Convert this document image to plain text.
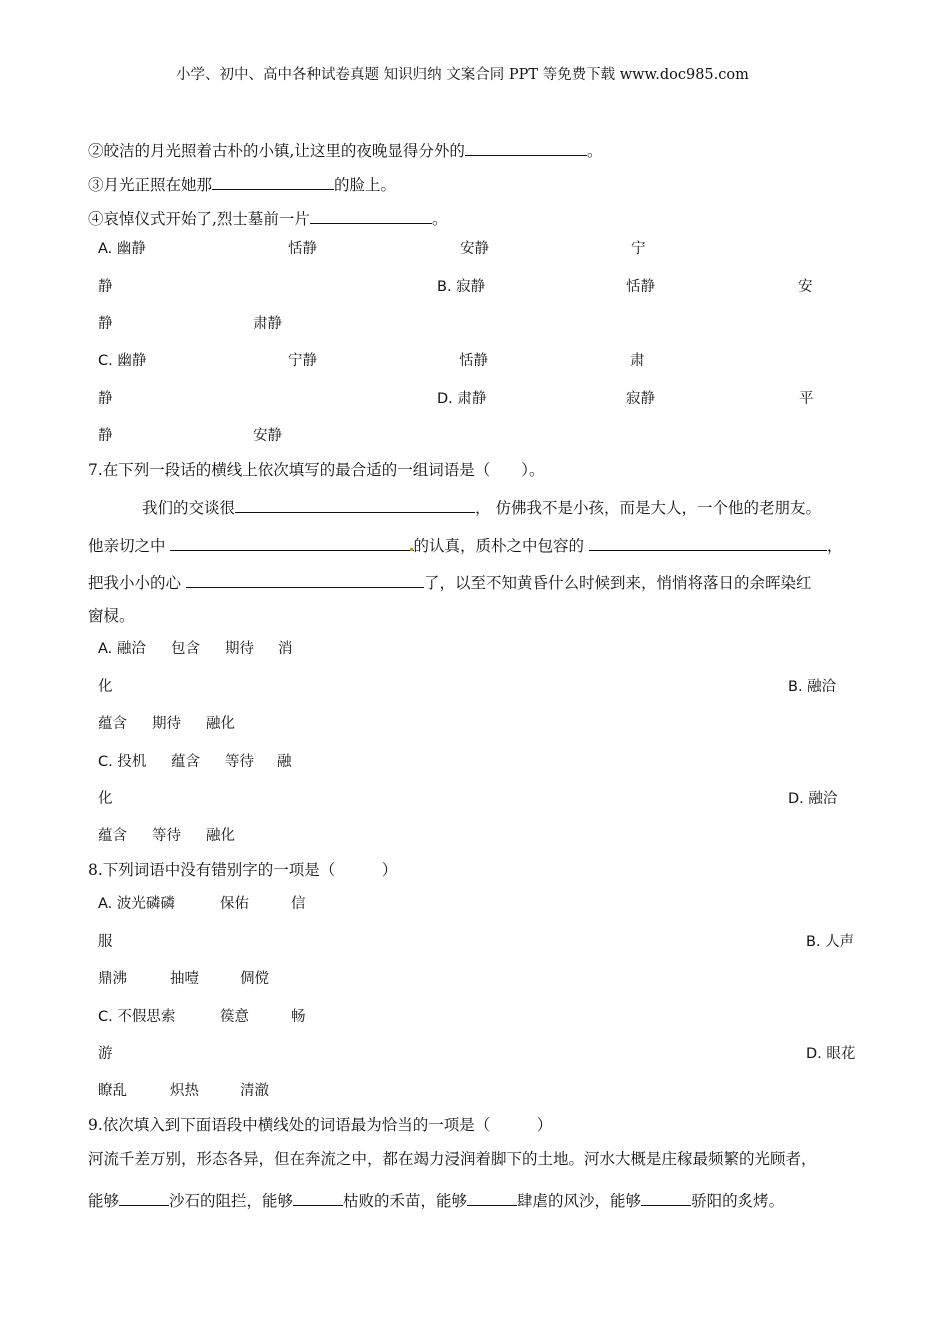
小学、初中、高中各种试卷真题 知识归纳 文案合同 PPT 等免费下载 www.doc985.com
②皎洁的月光照着古朴的小镇,让这里的夜晚显得分外的	。
③月光正照在她那	的脸上。
④哀悼仪式开始了,烈士墓前一片	。
A. 幽静	恬静	安静	宁
静	B. 寂静	恬静	安
静	肃静
C. 幽静	宁静	恬静	肃
静	D. 肃静	寂静	平
静	安静
7.在下列一段话的横线上依次填写的最合适的一组词语是（　　）。
我们的交谈很	， 仿佛我不是小孩，而是大人，一个他的老朋友。
他亲切之中	的认真，质朴之中包容的	，
把我小小的心	了，以至不知黄昏什么时候到来，悄悄将落日的余晖染红
窗棂。
A. 融洽 包含 期待 消
化	B. 融洽
蕴含 期待 融化
C. 投机 蕴含 等待 融
化	D. 融洽
蕴含 等待 融化
8.下列词语中没有错别字的一项是（　　　）
A. 波光磷磷	保佑	信
服	B. 人声
鼎沸	抽噎	倜傥
C. 不假思索	篌意	畅
游	D. 眼花
瞭乱	炽热	清澈
9.依次填入到下面语段中横线处的词语最为恰当的一项是（　　　）
河流千差万别，形态各异，但在奔流之中，都在竭力浸润着脚下的土地。河水大概是庄稼最频繁的光顾者，
能够	沙石的阻拦，能够	枯败的禾苗，能够	肆虐的风沙，能够	骄阳的炙烤。
